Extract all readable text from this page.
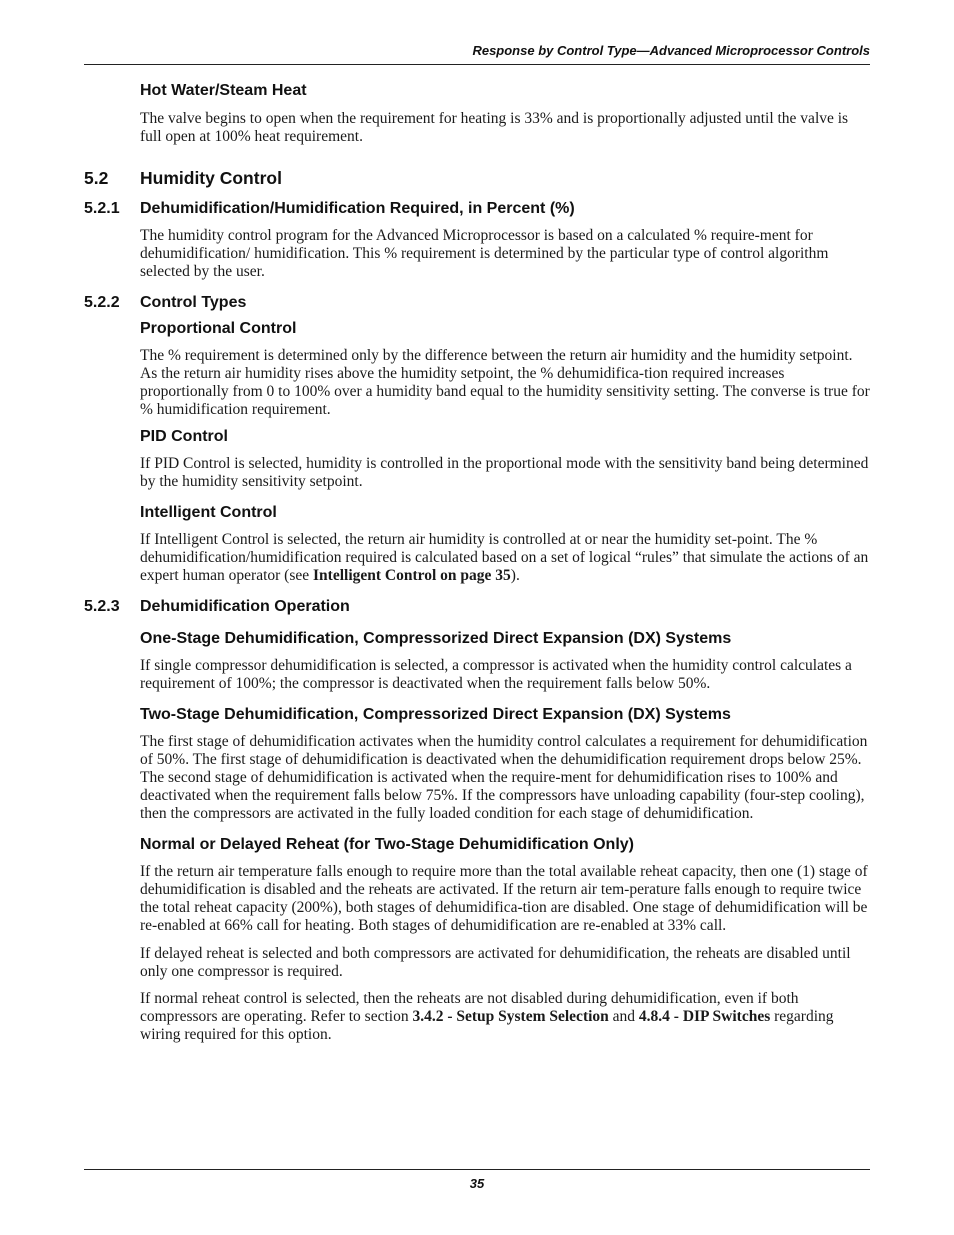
Response by Control Type—Advanced Microprocessor Controls
Hot Water/Steam Heat

The valve begins to open when the requirement for heating is 33% and is proportionally adjusted until the valve is full open at 100% heat requirement.

5.2 Humidity Control
5.2.1 Dehumidification/Humidification Required, in Percent (%)

The humidity control program for the Advanced Microprocessor is based on a calculated % require-ment for dehumidification/ humidification. This % requirement is determined by the particular type of control algorithm selected by the user.

5.2.2 Control Types
Proportional Control

The % requirement is determined only by the difference between the return air humidity and the humidity setpoint. As the return air humidity rises above the humidity setpoint, the % dehumidifica-tion required increases proportionally from 0 to 100% over a humidity band equal to the humidity sensitivity setting. The converse is true for % humidification requirement.

PID Control

If PID Control is selected, humidity is controlled in the proportional mode with the sensitivity band being determined by the humidity sensitivity setpoint.

Intelligent Control

If Intelligent Control is selected, the return air humidity is controlled at or near the humidity set-point. The % dehumidification/humidification required is calculated based on a set of logical “rules” that simulate the actions of an expert human operator (see Intelligent Control on page 35).

5.2.3 Dehumidification Operation
One-Stage Dehumidification, Compressorized Direct Expansion (DX) Systems

If single compressor dehumidification is selected, a compressor is activated when the humidity control calculates a requirement of 100%; the compressor is deactivated when the requirement falls below 50%.

Two-Stage Dehumidification, Compressorized Direct Expansion (DX) Systems

The first stage of dehumidification activates when the humidity control calculates a requirement for dehumidification of 50%. The first stage of dehumidification is deactivated when the dehumidification requirement drops below 25%. The second stage of dehumidification is activated when the require-ment for dehumidification rises to 100% and deactivated when the requirement falls below 75%. If the compressors have unloading capability (four-step cooling), then the compressors are activated in the fully loaded condition for each stage of dehumidification.

Normal or Delayed Reheat (for Two-Stage Dehumidification Only)

If the return air temperature falls enough to require more than the total available reheat capacity, then one (1) stage of dehumidification is disabled and the reheats are activated. If the return air tem-perature falls enough to require twice the total reheat capacity (200%), both stages of dehumidifica-tion are disabled. One stage of dehumidification will be re-enabled at 66% call for heating. Both stages of dehumidification are re-enabled at 33% call.

If delayed reheat is selected and both compressors are activated for dehumidification, the reheats are disabled until only one compressor is required.

If normal reheat control is selected, then the reheats are not disabled during dehumidification, even if both compressors are operating. Refer to section 3.4.2 - Setup System Selection and 4.8.4 - DIP Switches regarding wiring required for this option.

35
